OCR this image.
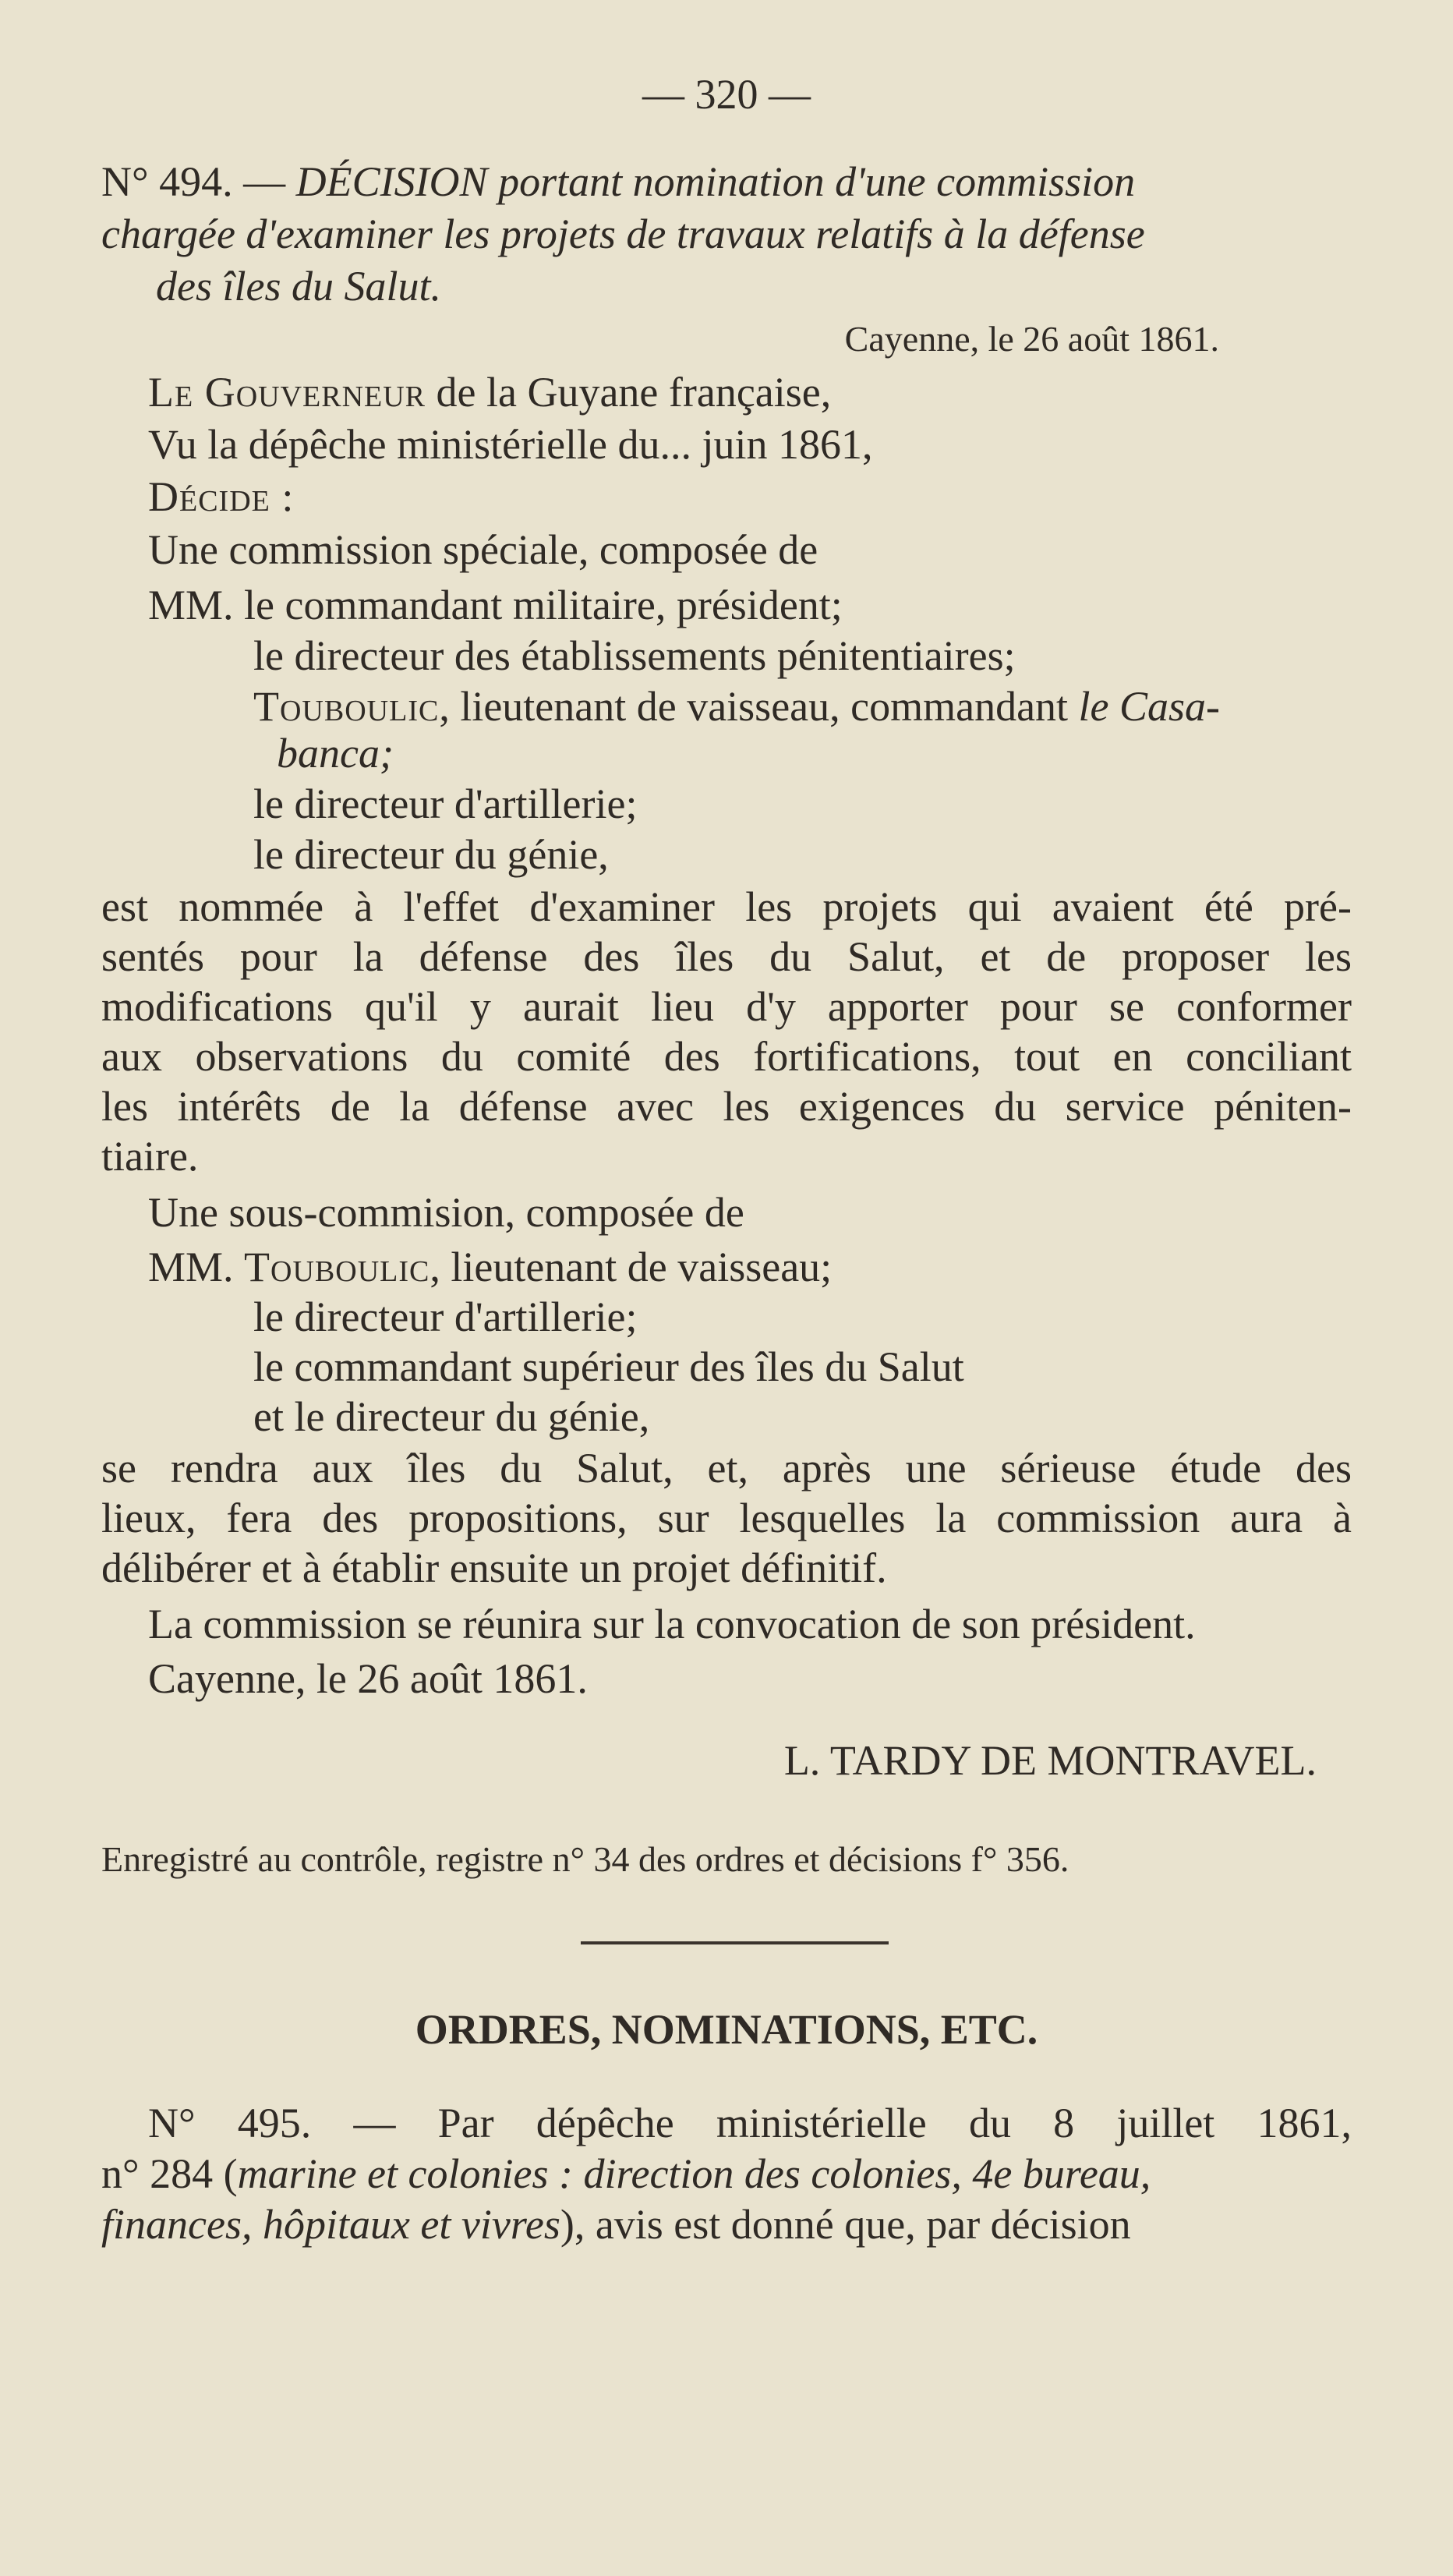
— 320 —
N° 494. — DÉCISION portant nomination d'une commission
chargée d'examiner les projets de travaux relatifs à la défense
des îles du Salut.
Cayenne, le 26 août 1861.
Le Gouverneur de la Guyane française,
Vu la dépêche ministérielle du... juin 1861,
Décide :
Une commission spéciale, composée de
MM. le commandant militaire, président;
le directeur des établissements pénitentiaires;
Touboulic, lieutenant de vaisseau, commandant le Casa-
banca;
le directeur d'artillerie;
le directeur du génie,
est nommée à l'effet d'examiner les projets qui avaient été pré-
sentés pour la défense des îles du Salut, et de proposer les
modifications qu'il y aurait lieu d'y apporter pour se conformer
aux observations du comité des fortifications, tout en conciliant
les intérêts de la défense avec les exigences du service péniten-
tiaire.
Une sous-commision, composée de
MM. Touboulic, lieutenant de vaisseau;
le directeur d'artillerie;
le commandant supérieur des îles du Salut
et le directeur du génie,
se rendra aux îles du Salut, et, après une sérieuse étude des
lieux, fera des propositions, sur lesquelles la commission aura à
délibérer et à établir ensuite un projet définitif.
La commission se réunira sur la convocation de son président.
Cayenne, le 26 août 1861.
L. TARDY DE MONTRAVEL.
Enregistré au contrôle, registre n° 34 des ordres et décisions f° 356.
ORDRES, NOMINATIONS, ETC.
N° 495. — Par dépêche ministérielle du 8 juillet 1861,
n° 284 (marine et colonies : direction des colonies, 4e bureau,
finances, hôpitaux et vivres), avis est donné que, par décision
